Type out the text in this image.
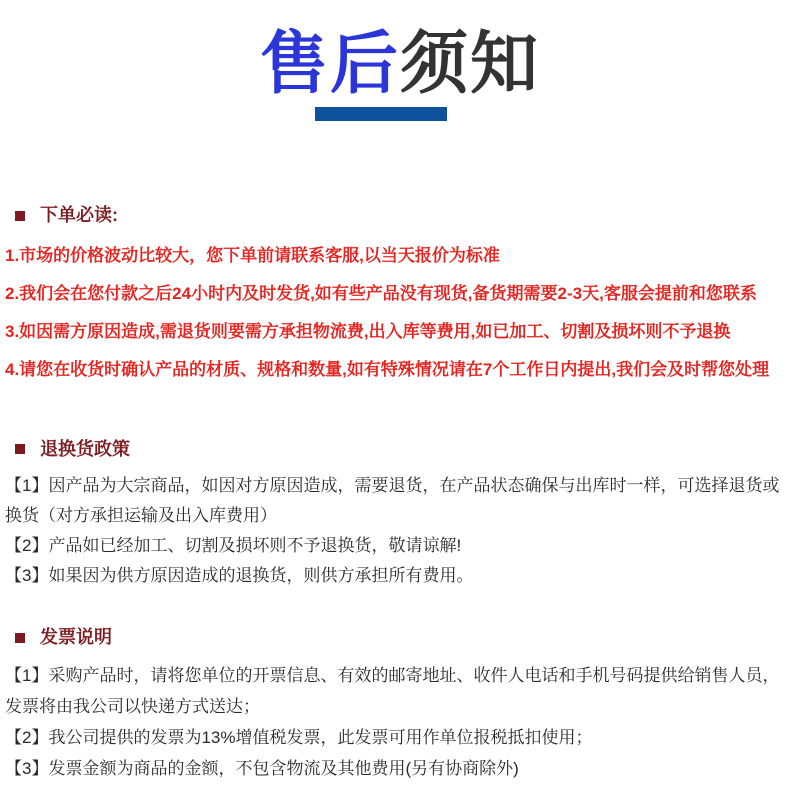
售后须知
下单必读:

1.市场的价格波动比较大，您下单前请联系客服,以当天报价为标准

2.我们会在您付款之后24小时内及时发货,如有些产品没有现货,备货期需要2-3天,客服会提前和您联系

3.如因需方原因造成,需退货则要需方承担物流费,出入库等费用,如已加工、切割及损坏则不予退换

4.请您在收货时确认产品的材质、规格和数量,如有特殊情况请在7个工作日内提出,我们会及时帮您处理

退换货政策

【1】因产品为大宗商品，如因对方原因造成，需要退货，在产品状态确保与出库时一样，可选择退货或换货（对方承担运输及出入库费用）

【2】产品如已经加工、切割及损坏则不予退换货，敬请谅解!

【3】如果因为供方原因造成的退换货，则供方承担所有费用。

发票说明

【1】采购产品时，请将您单位的开票信息、有效的邮寄地址、收件人电话和手机号码提供给销售人员，发票将由我公司以快递方式送达；

【2】我公司提供的发票为13%增值税发票，此发票可用作单位报税抵扣使用；

【3】发票金额为商品的金额，不包含物流及其他费用(另有协商除外)
